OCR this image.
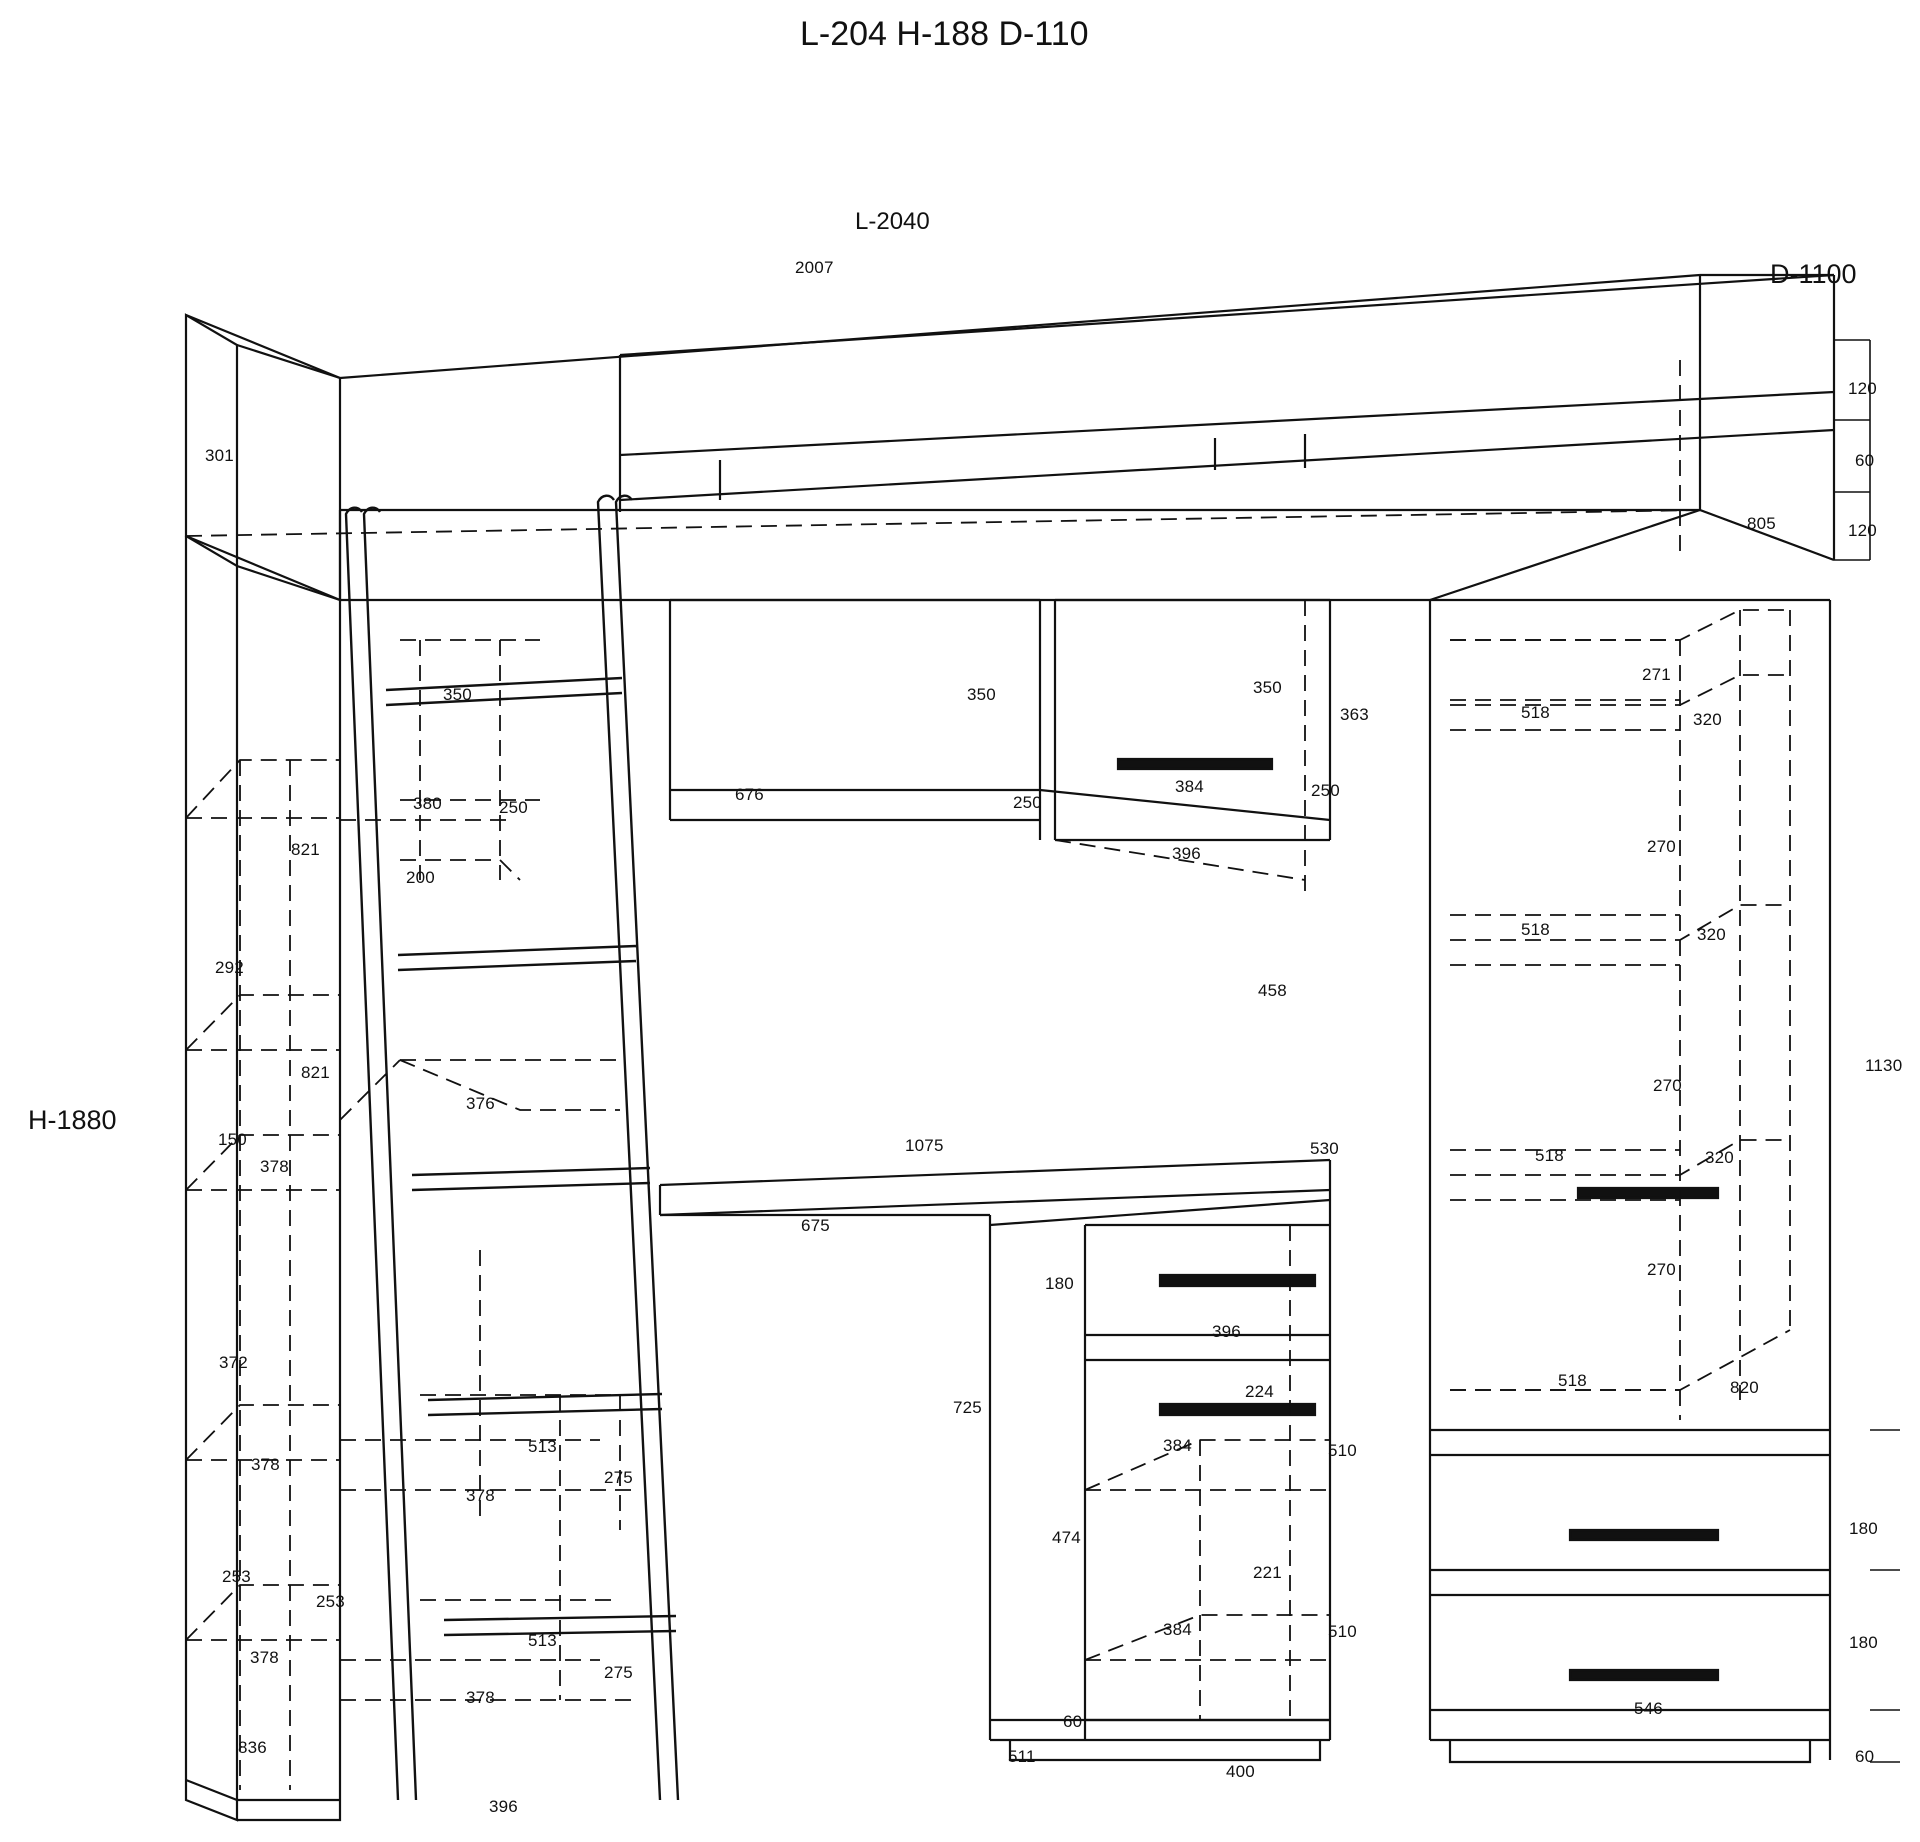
L-204 H-188 D-110
L-2040
D-1100
H-1880
2007
301
120
60
805	120
350	350	350
363
271
518	320
676
380	250	250
384	250
821
200
396	270
518	320
292
458
821
376
270
1130
150
378
1075	530	518	320
675
180
372
396
270
224
725
384	510
378
513
275
378
518	820
474	180
221
253
253
384	510
378
513
275
180
378
60
546
511
836
400
60
396
